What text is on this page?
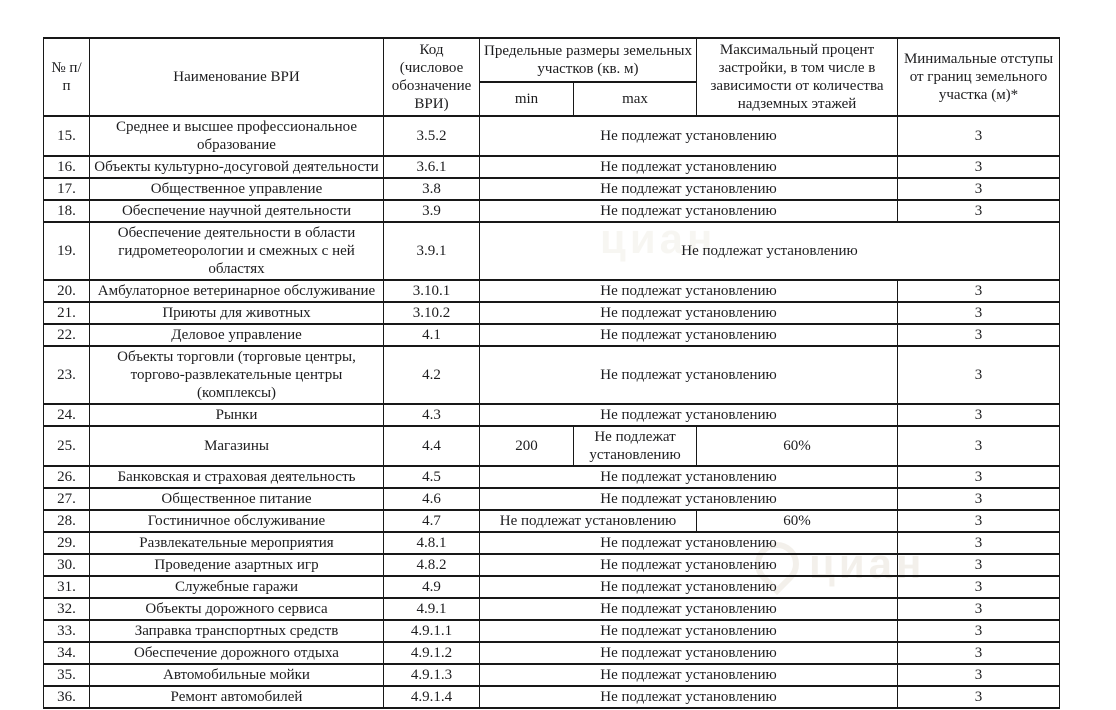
циан
циан
№ п/п	Наименование ВРИ	Код (числовое обозначение ВРИ)	Предельные размеры земельных участков (кв. м)		Максимальный процент застройки, в том числе в зависимости от количества надземных этажей	Минимальные отступы от границ земельного участка (м)*
			min	max		
15.	Среднее и высшее профессиональное образование	3.5.2	Не подлежат установлению			3
16.	Объекты культурно-досуговой деятельности	3.6.1	Не подлежат установлению			3
17.	Общественное управление	3.8	Не подлежат установлению			3
18.	Обеспечение научной деятельности	3.9	Не подлежат установлению			3
19.	Обеспечение деятельности в области гидрометеорологии и смежных с ней областях	3.9.1	Не подлежат установлению			
20.	Амбулаторное ветеринарное обслуживание	3.10.1	Не подлежат установлению			3
21.	Приюты для животных	3.10.2	Не подлежат установлению			3
22.	Деловое управление	4.1	Не подлежат установлению			3
23.	Объекты торговли (торговые центры, торгово-развлекательные центры (комплексы)	4.2	Не подлежат установлению			3
24.	Рынки	4.3	Не подлежат установлению			3
25.	Магазины	4.4	200	Не подлежат установлению	60%	3
26.	Банковская и страховая деятельность	4.5	Не подлежат установлению			3
27.	Общественное питание	4.6	Не подлежат установлению			3
28.	Гостиничное обслуживание	4.7	Не подлежат установлению		60%	3
29.	Развлекательные мероприятия	4.8.1	Не подлежат установлению			3
30.	Проведение азартных игр	4.8.2	Не подлежат установлению			3
31.	Служебные гаражи	4.9	Не подлежат установлению			3
32.	Объекты дорожного сервиса	4.9.1	Не подлежат установлению			3
33.	Заправка транспортных средств	4.9.1.1	Не подлежат установлению			3
34.	Обеспечение дорожного отдыха	4.9.1.2	Не подлежат установлению			3
35.	Автомобильные мойки	4.9.1.3	Не подлежат установлению			3
36.	Ремонт автомобилей	4.9.1.4	Не подлежат установлению			3
